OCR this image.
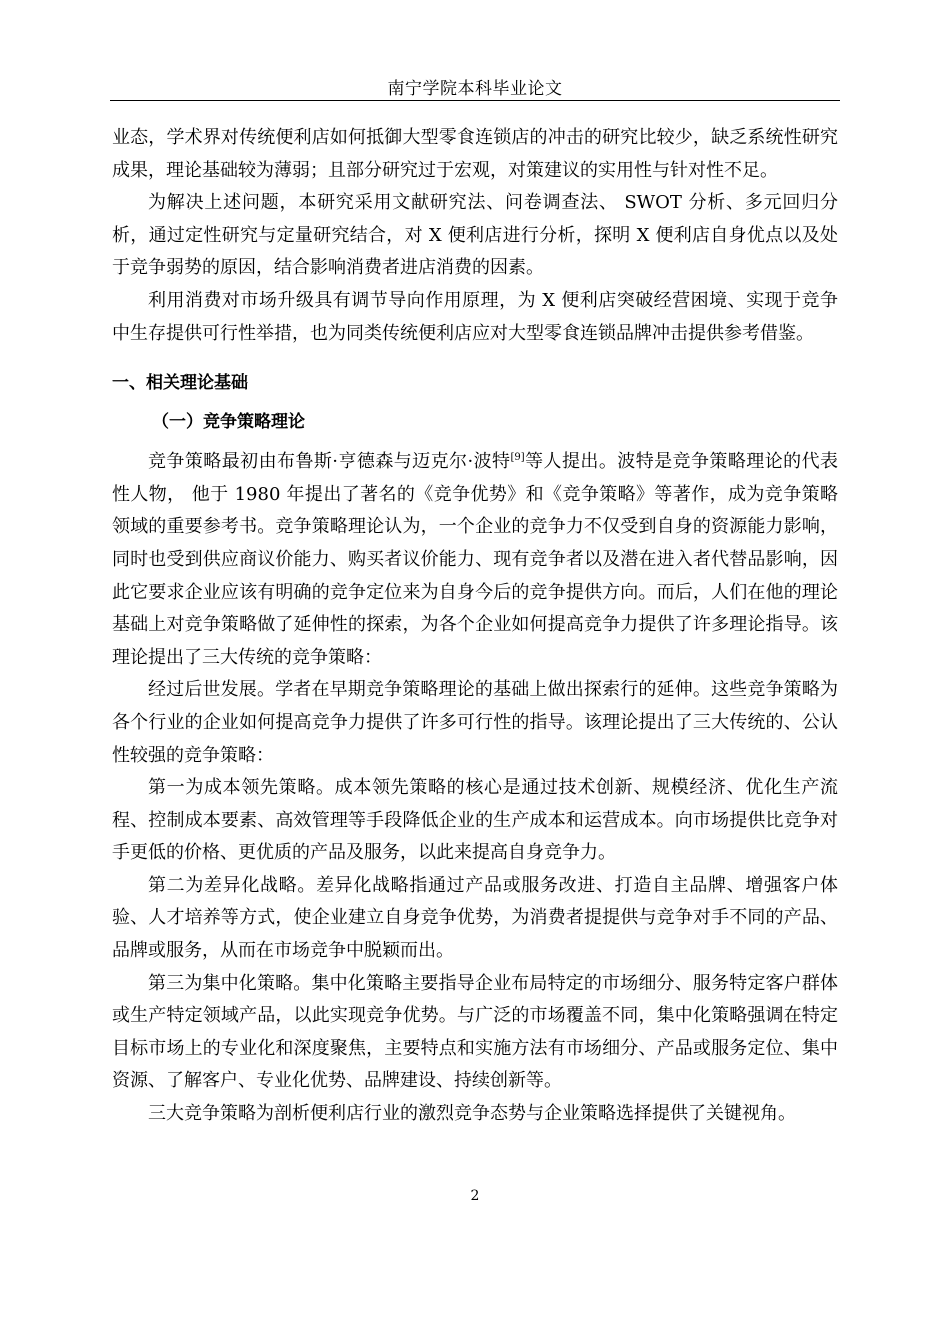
南宁学院本科毕业论文

业态，学术界对传统便利店如何抵御大型零食连锁店的冲击的研究比较少，缺乏系统性研究成果，理论基础较为薄弱；且部分研究过于宏观，对策建议的实用性与针对性不足。

为解决上述问题，本研究采用文献研究法、问卷调查法、 SWOT 分析、多元回归分析，通过定性研究与定量研究结合，对 X 便利店进行分析，探明 X 便利店自身优点以及处于竞争弱势的原因，结合影响消费者进店消费的因素。

利用消费对市场升级具有调节导向作用原理，为 X 便利店突破经营困境、实现于竞争中生存提供可行性举措，也为同类传统便利店应对大型零食连锁品牌冲击提供参考借鉴。

一、相关理论基础
（一）竞争策略理论

竞争策略最初由布鲁斯·亨德森与迈克尔·波特[9]等人提出。波特是竞争策略理论的代表性人物， 他于 1980 年提出了著名的《竞争优势》和《竞争策略》等著作，成为竞争策略领域的重要参考书。竞争策略理论认为，一个企业的竞争力不仅受到自身的资源能力影响，同时也受到供应商议价能力、购买者议价能力、现有竞争者以及潜在进入者代替品影响，因此它要求企业应该有明确的竞争定位来为自身今后的竞争提供方向。而后，人们在他的理论基础上对竞争策略做了延伸性的探索，为各个企业如何提高竞争力提供了许多理论指导。该理论提出了三大传统的竞争策略：

经过后世发展。学者在早期竞争策略理论的基础上做出探索行的延伸。这些竞争策略为各个行业的企业如何提高竞争力提供了许多可行性的指导。该理论提出了三大传统的、公认性较强的竞争策略：

第一为成本领先策略。成本领先策略的核心是通过技术创新、规模经济、优化生产流程、控制成本要素、高效管理等手段降低企业的生产成本和运营成本。向市场提供比竞争对手更低的价格、更优质的产品及服务，以此来提高自身竞争力。

第二为差异化战略。差异化战略指通过产品或服务改进、打造自主品牌、增强客户体验、人才培养等方式，使企业建立自身竞争优势，为消费者提提供与竞争对手不同的产品、品牌或服务，从而在市场竞争中脱颖而出。

第三为集中化策略。集中化策略主要指导企业布局特定的市场细分、服务特定客户群体或生产特定领域产品，以此实现竞争优势。与广泛的市场覆盖不同，集中化策略强调在特定目标市场上的专业化和深度聚焦，主要特点和实施方法有市场细分、产品或服务定位、集中资源、了解客户、专业化优势、品牌建设、持续创新等。

三大竞争策略为剖析便利店行业的激烈竞争态势与企业策略选择提供了关键视角。

2
